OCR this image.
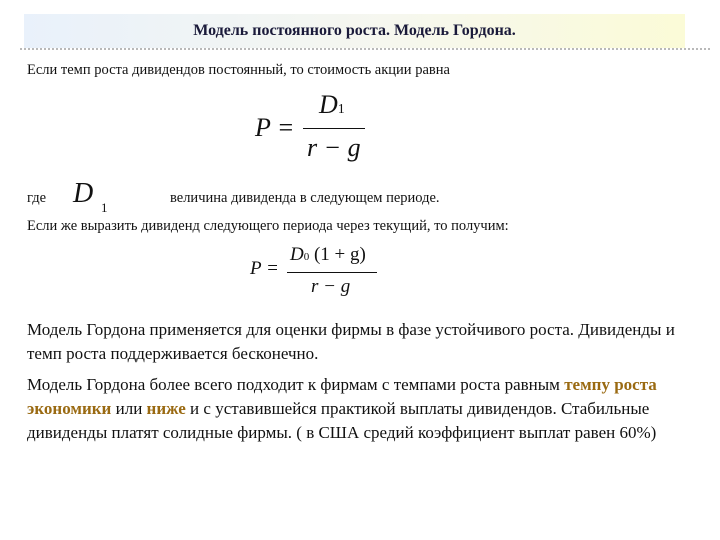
Модель постоянного роста. Модель Гордона.
Если темп роста дивидендов постоянный, то стоимость акции равна
P =
D1
r − g
где D 1
величина дивиденда в следующем периоде.
Если же выразить дивиденд следующего периода через текущий, то получим:
P =
D0 (1 + g)
r − g
Модель Гордона применяется для оценки фирмы в фазе устойчивого роста. Дивиденды и темп роста поддерживается бесконечно.
Модель Гордона более всего подходит к фирмам с темпами роста равным темпу роста экономики или ниже и с уставившейся практикой выплаты дивидендов. Стабильные дивиденды платят солидные фирмы. ( в США средий коэффициент выплат равен 60%)
